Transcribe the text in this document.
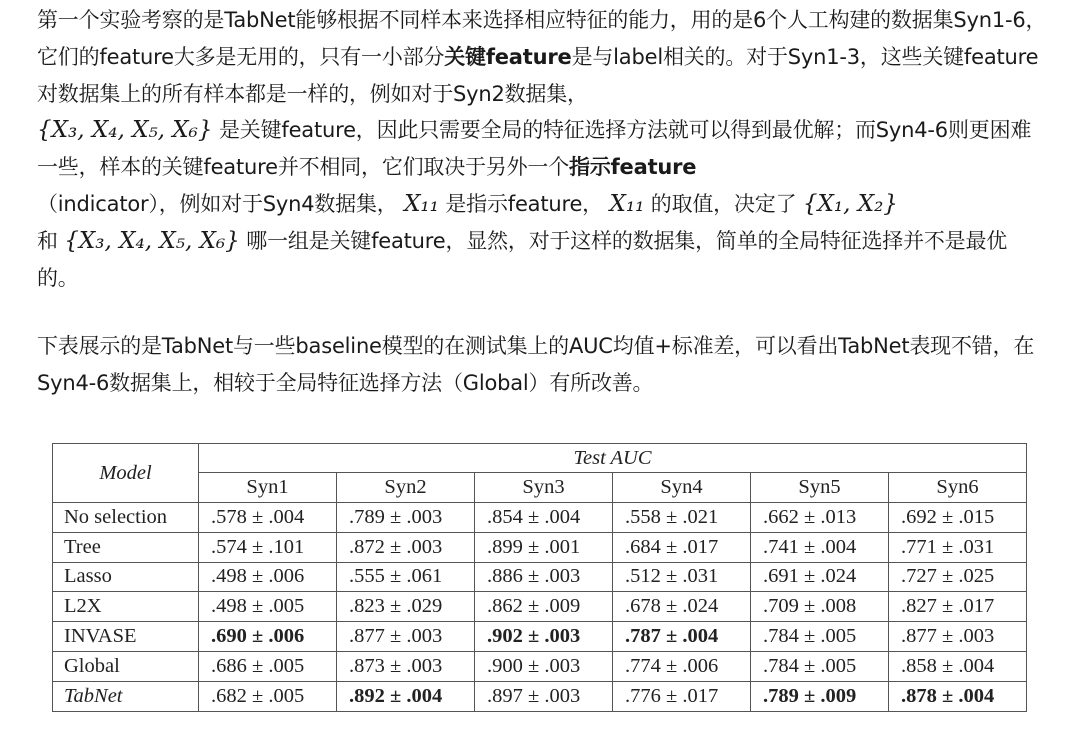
第一个实验考察的是TabNet能够根据不同样本来选择相应特征的能力，用的是6个人工构建的数据集Syn1-6，它们的feature大多是无用的，只有一小部分关键feature是与label相关的。对于Syn1-3，这些关键feature对数据集上的所有样本都是一样的，例如对于Syn2数据集，
{X₃, X₄, X₅, X₆} 是关键feature，因此只需要全局的特征选择方法就可以得到最优解；而Syn4-6则更困难一些，样本的关键feature并不相同，它们取决于另外一个指示feature
（indicator），例如对于Syn4数据集， X₁₁ 是指示feature， X₁₁ 的取值，决定了 {X₁, X₂}
和 {X₃, X₄, X₅, X₆} 哪一组是关键feature，显然，对于这样的数据集，简单的全局特征选择并不是最优的。

下表展示的是TabNet与一些baseline模型的在测试集上的AUC均值+标准差，可以看出TabNet表现不错，在Syn4-6数据集上，相较于全局特征选择方法（Global）有所改善。

Model	Test AUC					
	Syn1	Syn2	Syn3	Syn4	Syn5	Syn6
No selection	.578 ± .004	.789 ± .003	.854 ± .004	.558 ± .021	.662 ± .013	.692 ± .015
Tree	.574 ± .101	.872 ± .003	.899 ± .001	.684 ± .017	.741 ± .004	.771 ± .031
Lasso	.498 ± .006	.555 ± .061	.886 ± .003	.512 ± .031	.691 ± .024	.727 ± .025
L2X	.498 ± .005	.823 ± .029	.862 ± .009	.678 ± .024	.709 ± .008	.827 ± .017
INVASE	.690 ± .006	.877 ± .003	.902 ± .003	.787 ± .004	.784 ± .005	.877 ± .003
Global	.686 ± .005	.873 ± .003	.900 ± .003	.774 ± .006	.784 ± .005	.858 ± .004
TabNet	.682 ± .005	.892 ± .004	.897 ± .003	.776 ± .017	.789 ± .009	.878 ± .004
